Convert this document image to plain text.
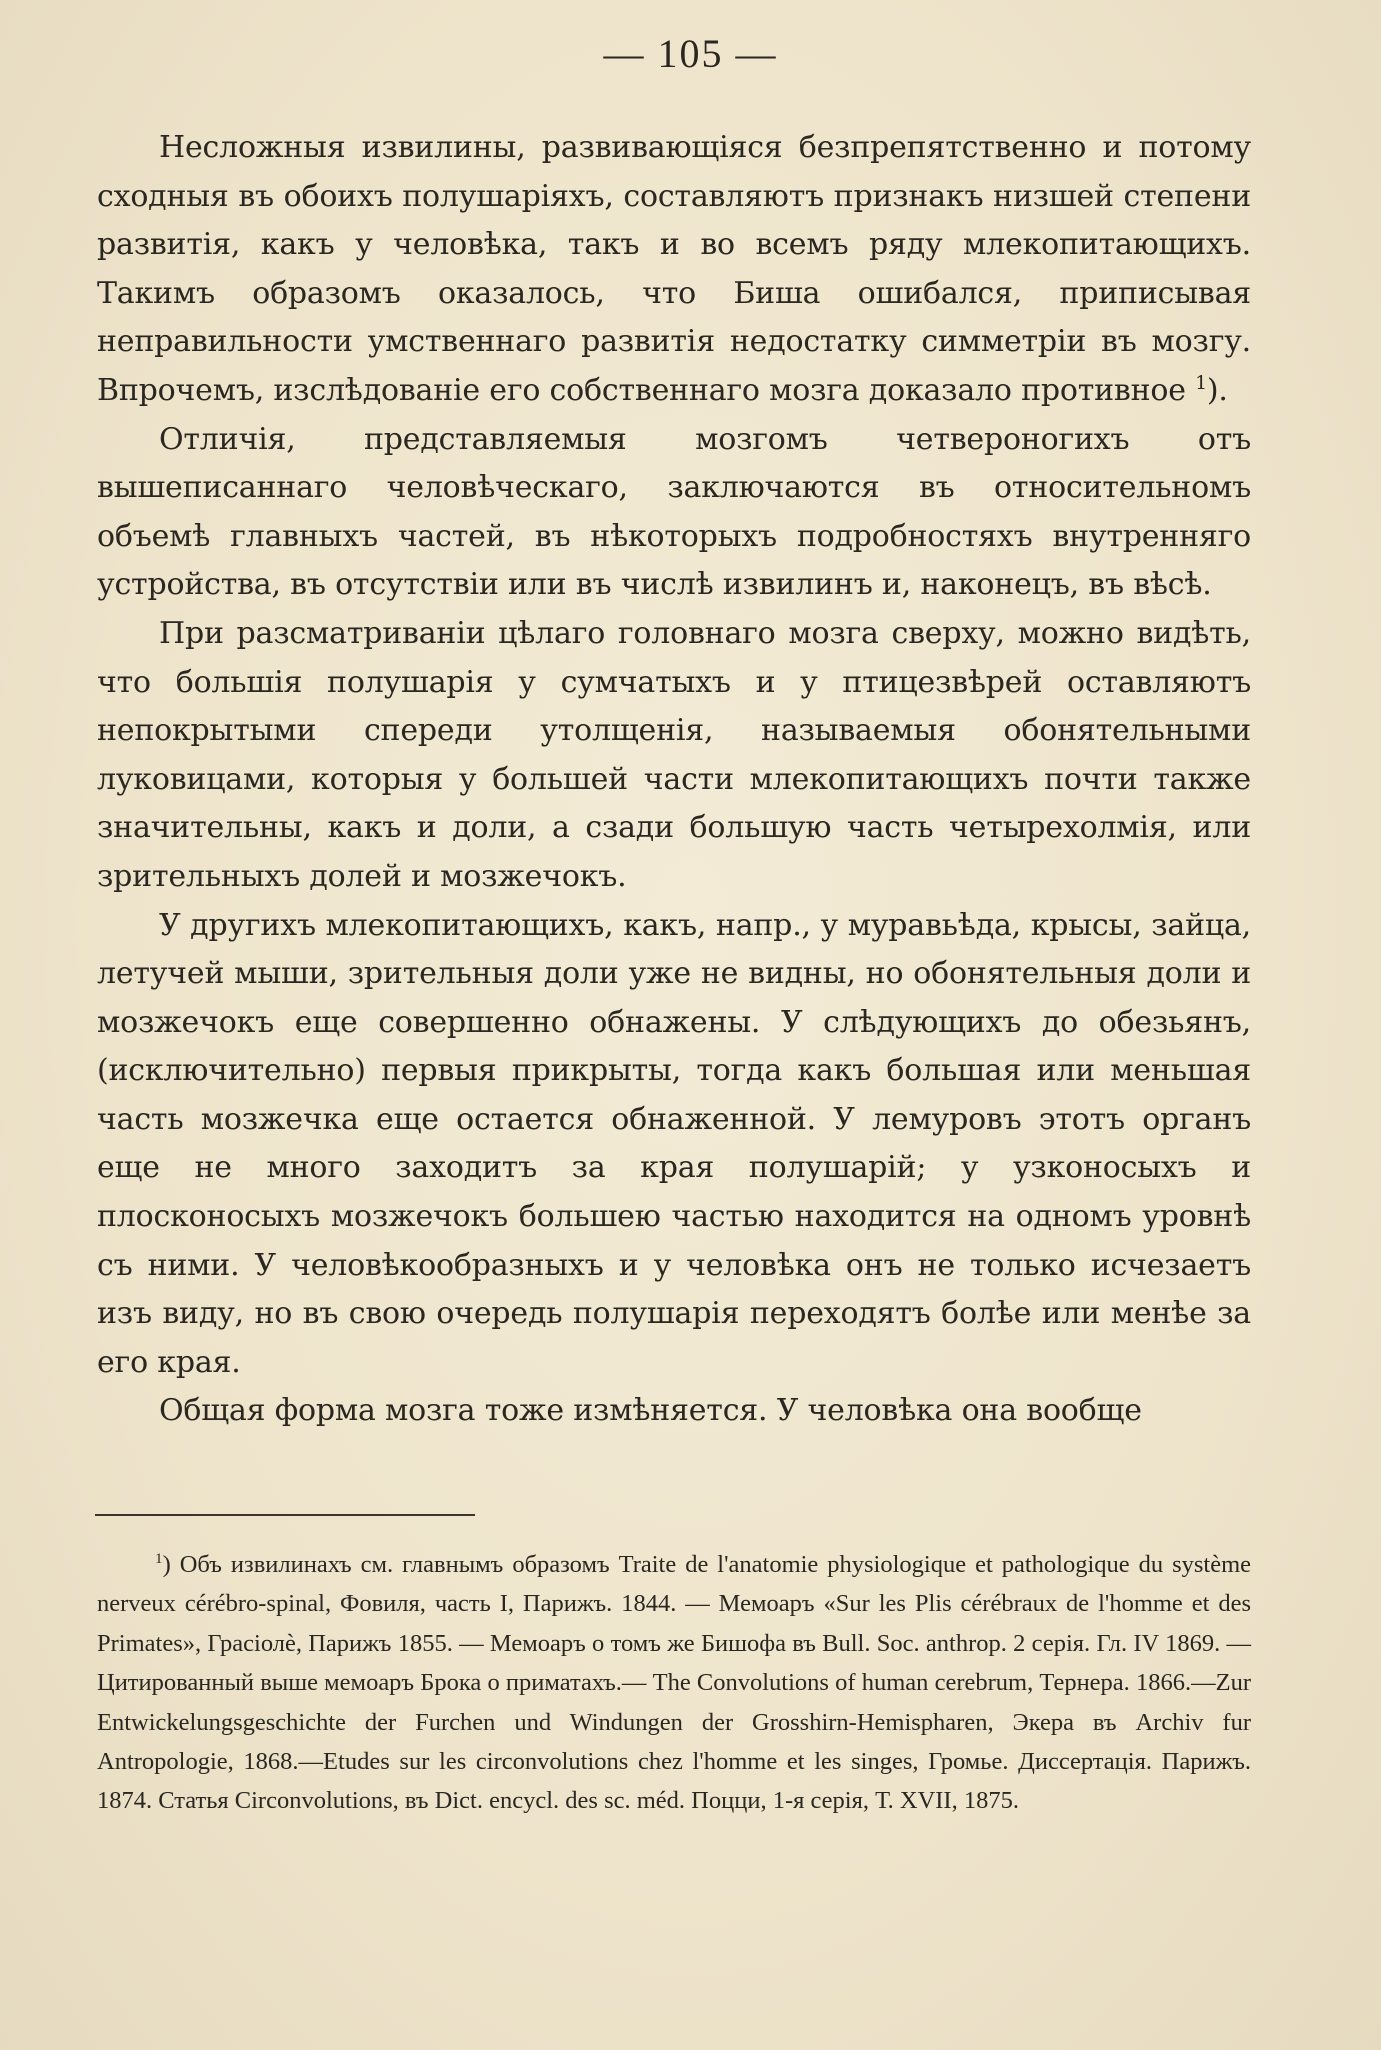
— 105 —

Несложныя извилины, развивающіяся безпрепятственно и потому сходныя въ обоихъ полушаріяхъ, составляютъ признакъ низшей степени развитія, какъ у человѣка, такъ и во всемъ ряду млекопитающихъ. Такимъ образомъ оказалось, что Биша ошибался, приписывая неправильности умственнаго развитія недостатку симметріи въ мозгу. Впрочемъ, изслѣдованіе его собственнаго мозга доказало противное $^1$).

Отличія, представляемыя мозгомъ четвероногихъ отъ вышеписаннаго человѣческаго, заключаются въ относительномъ объемѣ главныхъ частей, въ нѣкоторыхъ подробностяхъ внутренняго устройства, въ отсутствіи или въ числѣ извилинъ и, наконецъ, въ вѣсѣ.

При разсматриваніи цѣлаго головнаго мозга сверху, можно видѣть, что большія полушарія у сумчатыхъ и у птицезвѣрей оставляютъ непокрытыми спереди утолщенія, называемыя обонятельными луковицами, которыя у большей части млекопитающихъ почти также значительны, какъ и доли, а сзади большую часть четырехолмія, или зрительныхъ долей и мозжечокъ.

У другихъ млекопитающихъ, какъ, напр., у муравьѣда, крысы, зайца, летучей мыши, зрительныя доли уже не видны, но обонятельныя доли и мозжечокъ еще совершенно обнажены. У слѣдующихъ до обезьянъ, (исключительно) первыя прикрыты, тогда какъ большая или меньшая часть мозжечка еще остается обнаженной. У лемуровъ этотъ органъ еще не много заходитъ за края полушарій; у узконосыхъ и плосконосыхъ мозжечокъ большею частью находится на одномъ уровнѣ съ ними. У человѣкообразныхъ и у человѣка онъ не только исчезаетъ изъ виду, но въ свою очередь полушарія переходятъ болѣе или менѣе за его края.

Общая форма мозга тоже измѣняется. У человѣка она вообще

$^1$) Объ извилинахъ см. главнымъ образомъ Traite de l'anatomie physiologique et pathologique du système nerveux cérébro-spinal, Фовиля, часть I, Парижъ. 1844. — Мемоаръ «Sur les Plis cérébraux de l'homme et des Primates», Грасіолè, Парижъ 1855. — Мемоаръ о томъ же Бишофа въ Bull. Soc. anthrop. 2 серія. Гл. IV 1869. — Цитированный выше мемоаръ Брока о приматахъ.— The Convolutions of human cerebrum, Тернера. 1866.—Zur Entwickelungsgeschichte der Furchen und Windungen der Grosshirn-Hemispharen, Экера въ Archiv fur Antropologie, 1868.—Etudes sur les circonvolutions chez l'homme et les singes, Громье. Диссертація. Парижъ. 1874. Статья Circonvolutions, въ Dict. encycl. des sc. méd. Поцци, 1-я серія, Т. XVII, 1875.
